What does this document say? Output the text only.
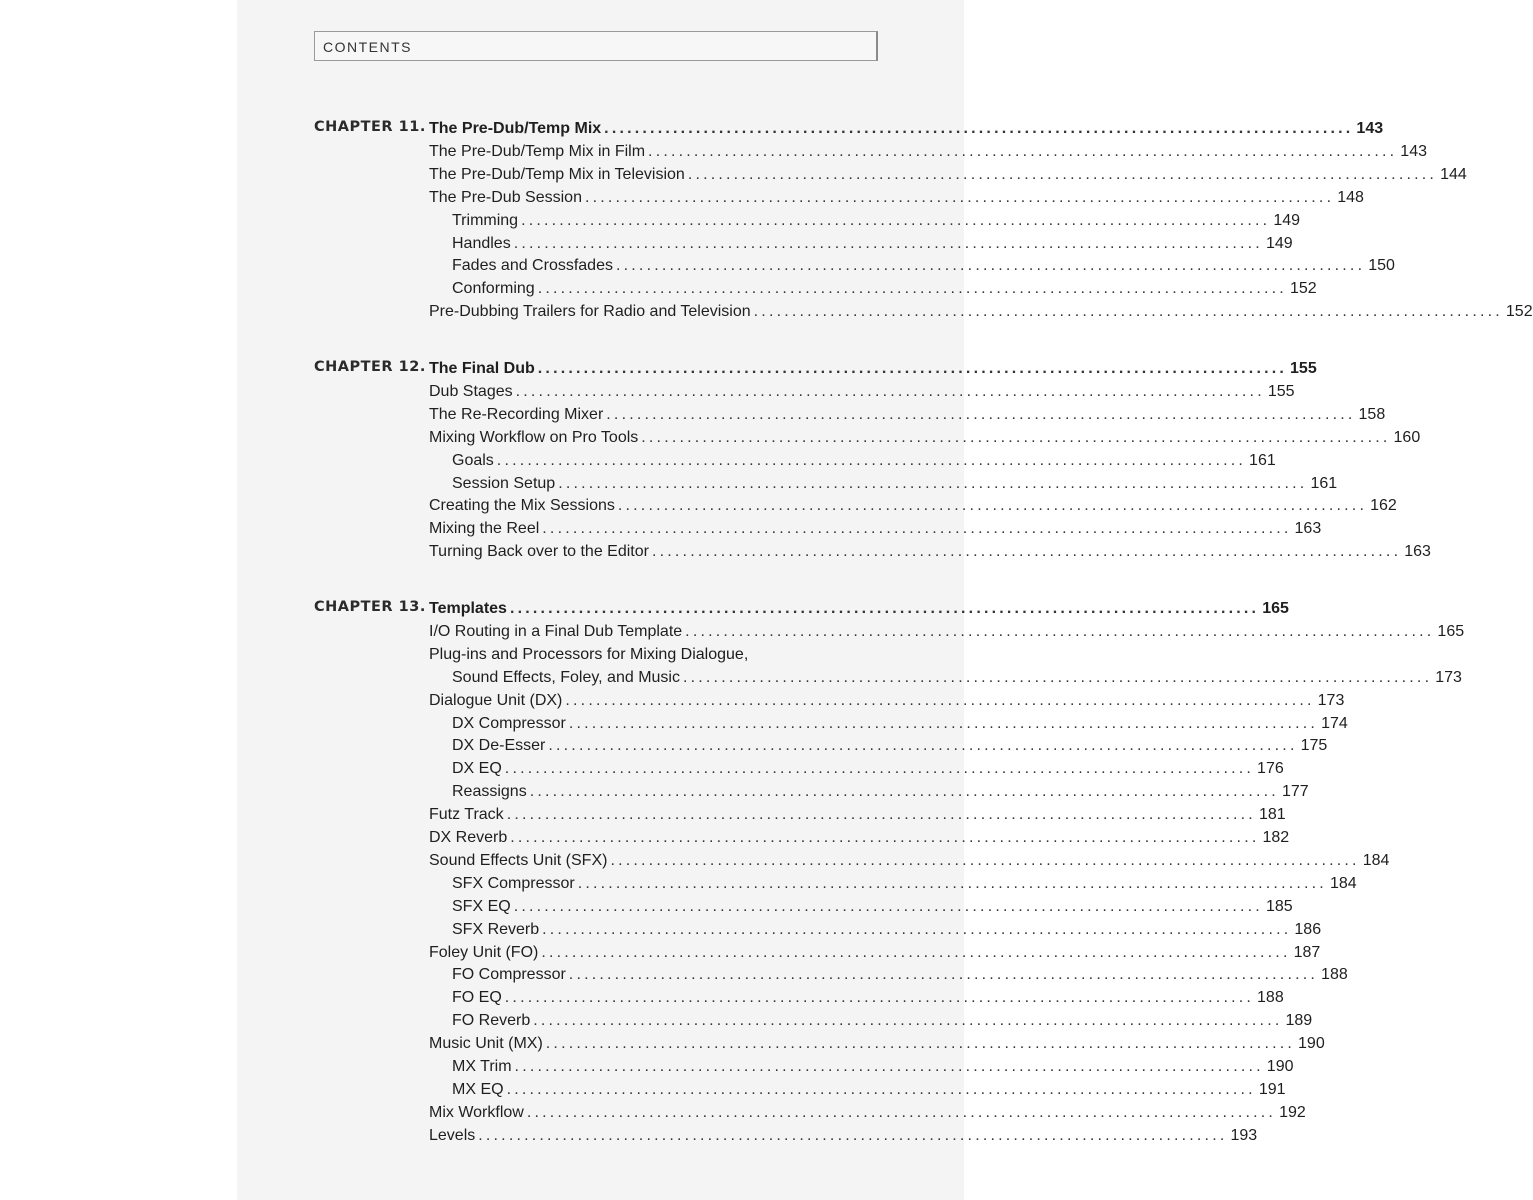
CONTENTS
CHAPTER 11. The Pre-Dub/Temp Mix .................................................................................................. 143
The Pre-Dub/Temp Mix in Film .................................................................................................. 143
The Pre-Dub/Temp Mix in Television .................................................................................................. 144
The Pre-Dub Session .................................................................................................. 148
Trimming .................................................................................................. 149
Handles .................................................................................................. 149
Fades and Crossfades .................................................................................................. 150
Conforming .................................................................................................. 152
Pre-Dubbing Trailers for Radio and Television .................................................................................................. 152
CHAPTER 12. The Final Dub .................................................................................................. 155
Dub Stages .................................................................................................. 155
The Re-Recording Mixer .................................................................................................. 158
Mixing Workflow on Pro Tools .................................................................................................. 160
Goals .................................................................................................. 161
Session Setup .................................................................................................. 161
Creating the Mix Sessions .................................................................................................. 162
Mixing the Reel .................................................................................................. 163
Turning Back over to the Editor .................................................................................................. 163
CHAPTER 13. Templates .................................................................................................. 165
I/O Routing in a Final Dub Template .................................................................................................. 165
Plug-ins and Processors for Mixing Dialogue,
Sound Effects, Foley, and Music .................................................................................................. 173
Dialogue Unit (DX) .................................................................................................. 173
DX Compressor .................................................................................................. 174
DX De-Esser .................................................................................................. 175
DX EQ .................................................................................................. 176
Reassigns .................................................................................................. 177
Futz Track .................................................................................................. 181
DX Reverb .................................................................................................. 182
Sound Effects Unit (SFX) .................................................................................................. 184
SFX Compressor .................................................................................................. 184
SFX EQ .................................................................................................. 185
SFX Reverb .................................................................................................. 186
Foley Unit (FO) .................................................................................................. 187
FO Compressor .................................................................................................. 188
FO EQ .................................................................................................. 188
FO Reverb .................................................................................................. 189
Music Unit (MX) .................................................................................................. 190
MX Trim .................................................................................................. 190
MX EQ .................................................................................................. 191
Mix Workflow .................................................................................................. 192
Levels .................................................................................................. 193
